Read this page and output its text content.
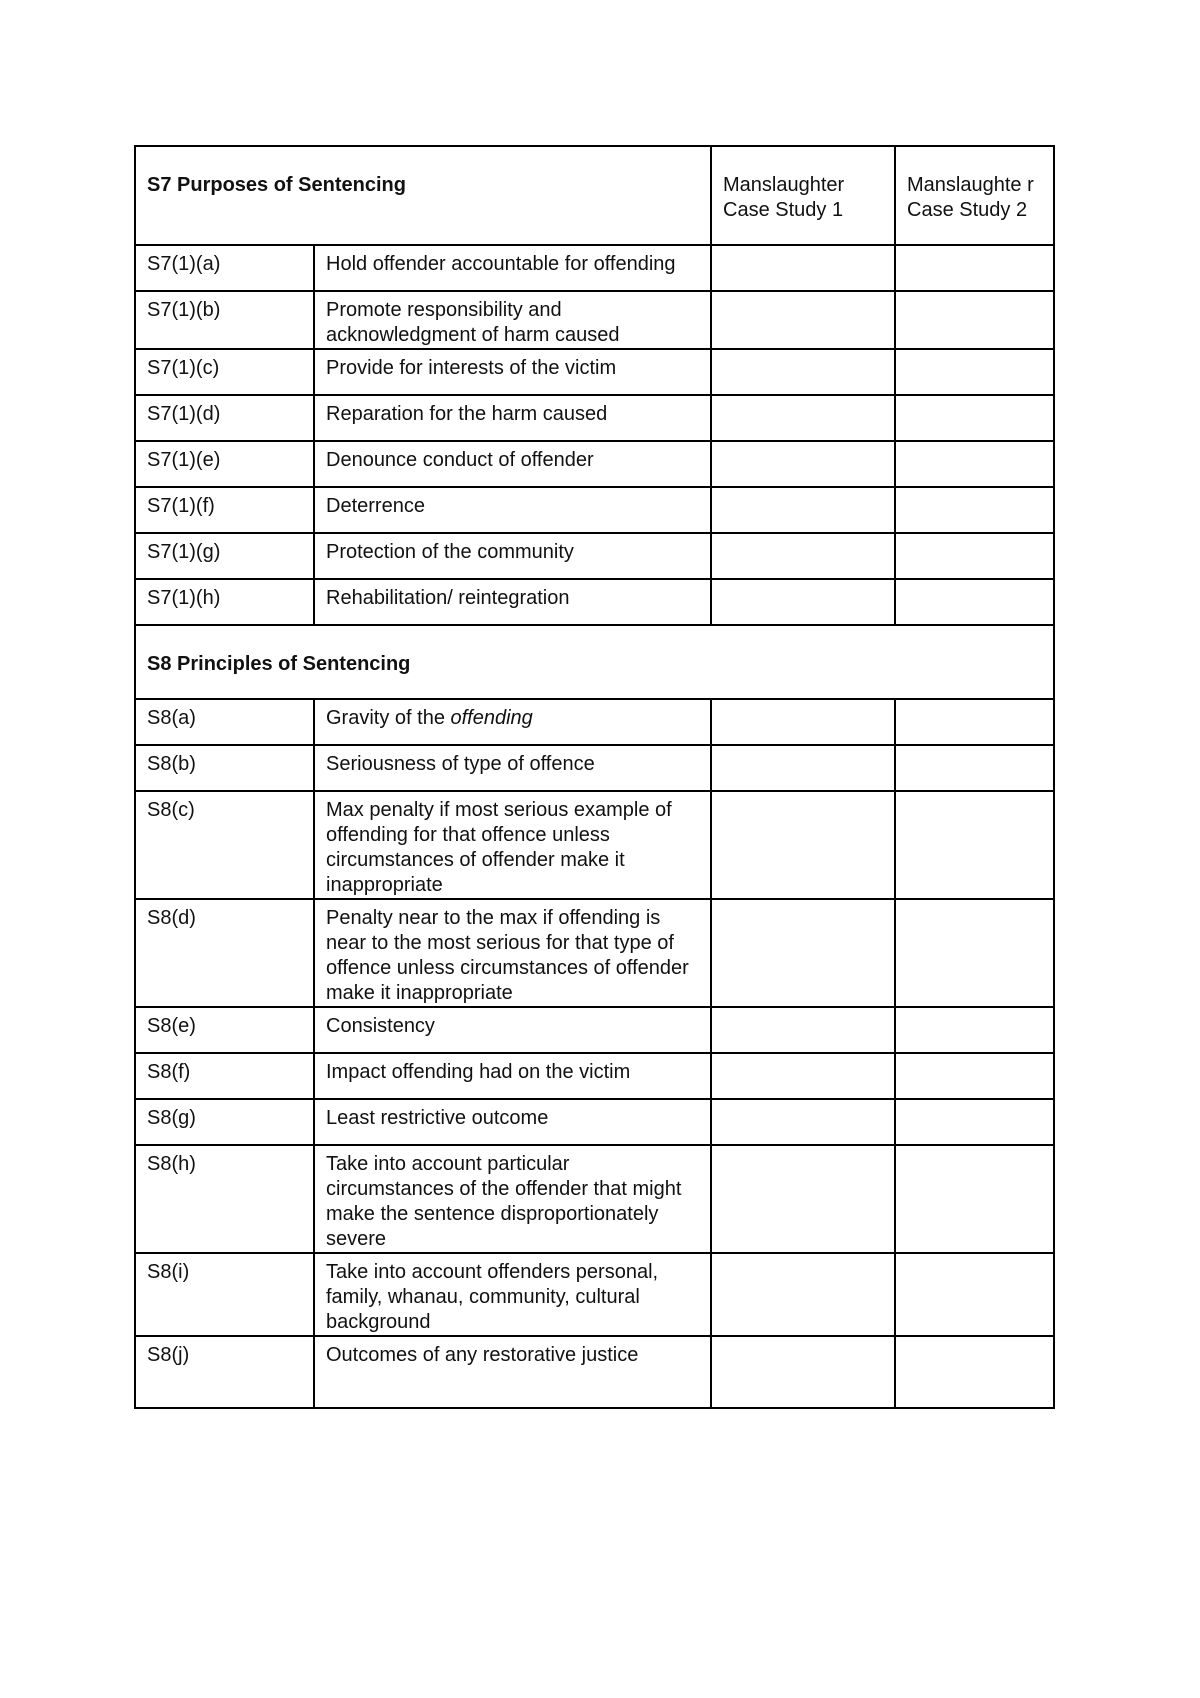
S7 Purposes of Sentencing		Manslaughter Case Study 1	Manslaughte r Case Study 2
S7(1)(a)	Hold offender accountable for offending		
S7(1)(b)	Promote responsibility and acknowledgment of harm caused		
S7(1)(c)	Provide for interests of the victim		
S7(1)(d)	Reparation for the harm caused		
S7(1)(e)	Denounce conduct of offender		
S7(1)(f)	Deterrence		
S7(1)(g)	Protection of the community		
S7(1)(h)	Rehabilitation/ reintegration		
S8 Principles of Sentencing			
S8(a)	Gravity of the offending		
S8(b)	Seriousness of type of offence		
S8(c)	Max penalty if most serious example of offending for that offence unless circumstances of offender make it inappropriate		
S8(d)	Penalty near to the max if offending is near to the most serious for that type of offence unless circumstances of offender make it inappropriate		
S8(e)	Consistency		
S8(f)	Impact offending had on the victim		
S8(g)	Least restrictive outcome		
S8(h)	Take into account particular circumstances of the offender that might make the sentence disproportionately severe		
S8(i)	Take into account offenders personal, family, whanau, community, cultural background		
S8(j)	Outcomes of any restorative justice		
